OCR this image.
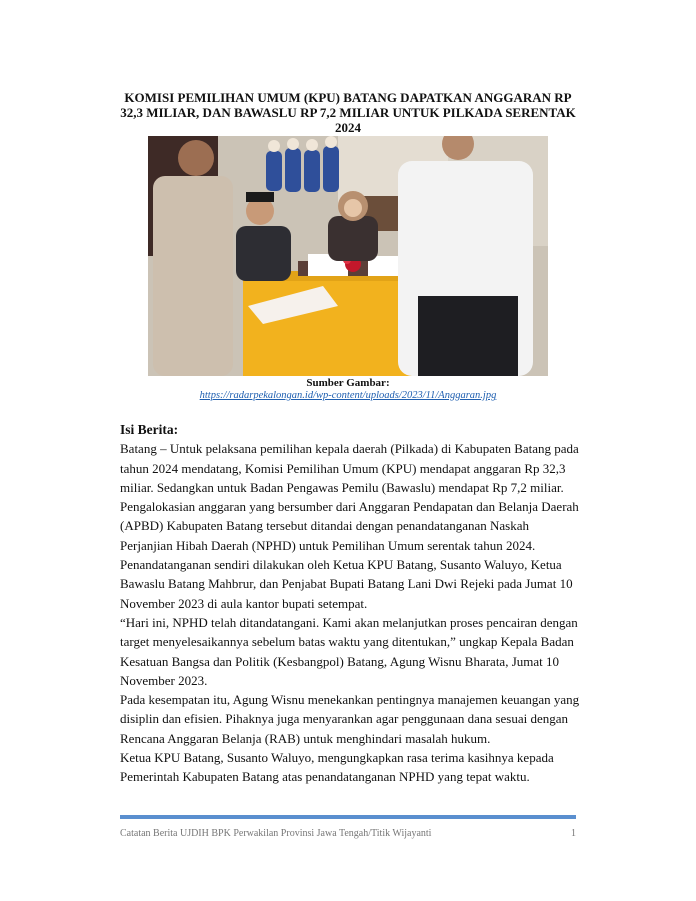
KOMISI PEMILIHAN UMUM (KPU) BATANG DAPATKAN ANGGARAN RP 32,3 MILIAR, DAN BAWASLU RP 7,2 MILIAR UNTUK PILKADA SERENTAK 2024
Sumber Gambar:
https://radarpekalongan.id/wp-content/uploads/2023/11/Anggaran.jpg

Isi Berita:

Batang – Untuk pelaksana pemilihan kepala daerah (Pilkada) di Kabupaten Batang pada tahun 2024 mendatang, Komisi Pemilihan Umum (KPU) mendapat anggaran Rp 32,3 miliar. Sedangkan untuk Badan Pengawas Pemilu (Bawaslu) mendapat Rp 7,2 miliar.

Pengalokasian anggaran yang bersumber dari Anggaran Pendapatan dan Belanja Daerah (APBD) Kabupaten Batang tersebut ditandai dengan penandatanganan Naskah Perjanjian Hibah Daerah (NPHD) untuk Pemilihan Umum serentak tahun 2024.

Penandatanganan sendiri dilakukan oleh Ketua KPU Batang, Susanto Waluyo, Ketua Bawaslu Batang Mahbrur, dan Penjabat Bupati Batang Lani Dwi Rejeki pada Jumat 10 November 2023 di aula kantor bupati setempat.

“Hari ini, NPHD telah ditandatangani. Kami akan melanjutkan proses pencairan dengan target menyelesaikannya sebelum batas waktu yang ditentukan,” ungkap Kepala Badan Kesatuan Bangsa dan Politik (Kesbangpol) Batang, Agung Wisnu Bharata, Jumat 10 November 2023.

Pada kesempatan itu, Agung Wisnu menekankan pentingnya manajemen keuangan yang disiplin dan efisien. Pihaknya juga menyarankan agar penggunaan dana sesuai dengan Rencana Anggaran Belanja (RAB) untuk menghindari masalah hukum.

Ketua KPU Batang, Susanto Waluyo, mengungkapkan rasa terima kasihnya kepada Pemerintah Kabupaten Batang atas penandatanganan NPHD yang tepat waktu.

Catatan Berita UJDIH BPK Perwakilan Provinsi Jawa Tengah/Titik Wijayanti	1
